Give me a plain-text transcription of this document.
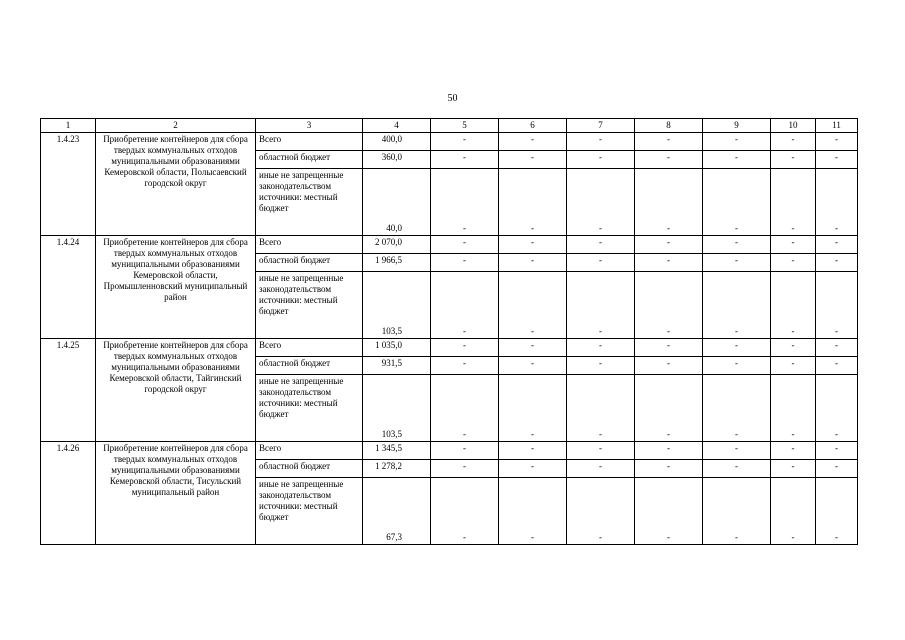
50
1	2	3	4	5	6	7	8	9	10	11
1.4.23	Приобретение контейнеров для сбора твердых коммунальных отходов муниципальными образованиями Кемеровской области, Полысаевский городской округ	Всего	400,0	-	-	-	-	-	-	-
		областной бюджет	360,0	-	-	-	-	-	-	-
		иные не запрещенные законодательством источники: местный бюджет	40,0	-	-	-	-	-	-	-
1.4.24	Приобретение контейнеров для сбора твердых коммунальных отходов муниципальными образованиями Кемеровской области, Промышленновский муниципальный район	Всего	2 070,0	-	-	-	-	-	-	-
		областной бюджет	1 966,5	-	-	-	-	-	-	-
		иные не запрещенные законодательством источники: местный бюджет	103,5	-	-	-	-	-	-	-
1.4.25	Приобретение контейнеров для сбора твердых коммунальных отходов муниципальными образованиями Кемеровской области, Тайгинский городской округ	Всего	1 035,0	-	-	-	-	-	-	-
		областной бюджет	931,5	-	-	-	-	-	-	-
		иные не запрещенные законодательством источники: местный бюджет	103,5	-	-	-	-	-	-	-
1.4.26	Приобретение контейнеров для сбора твердых коммунальных отходов муниципальными образованиями Кемеровской области, Тисульский муниципальный район	Всего	1 345,5	-	-	-	-	-	-	-
		областной бюджет	1 278,2	-	-	-	-	-	-	-
		иные не запрещенные законодательством источники: местный бюджет	67,3	-	-	-	-	-	-	-
